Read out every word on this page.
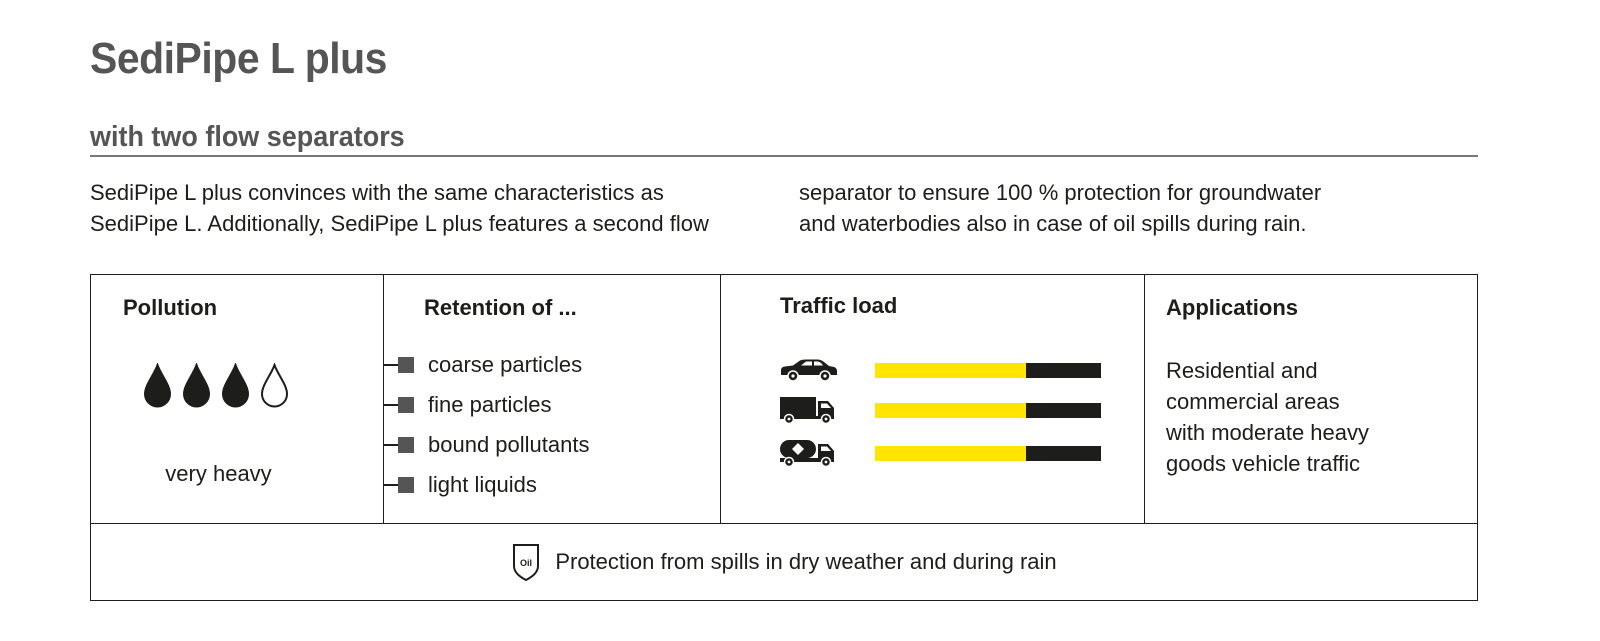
SediPipe L plus
with two flow separators
SediPipe L plus convinces with the same characteristics as
SediPipe L. Additionally, SediPipe L plus features a second flow
separator to ensure 100 % protection for groundwater
and waterbodies also in case of oil spills during rain.
Pollution
very heavy
Retention of ...
coarse particles
fine particles
bound pollutants
light liquids
Traffic load	Applications
Residential and
commercial areas
with moderate heavy
goods vehicle traffic
Oil Protection from spills in dry weather and during rain
